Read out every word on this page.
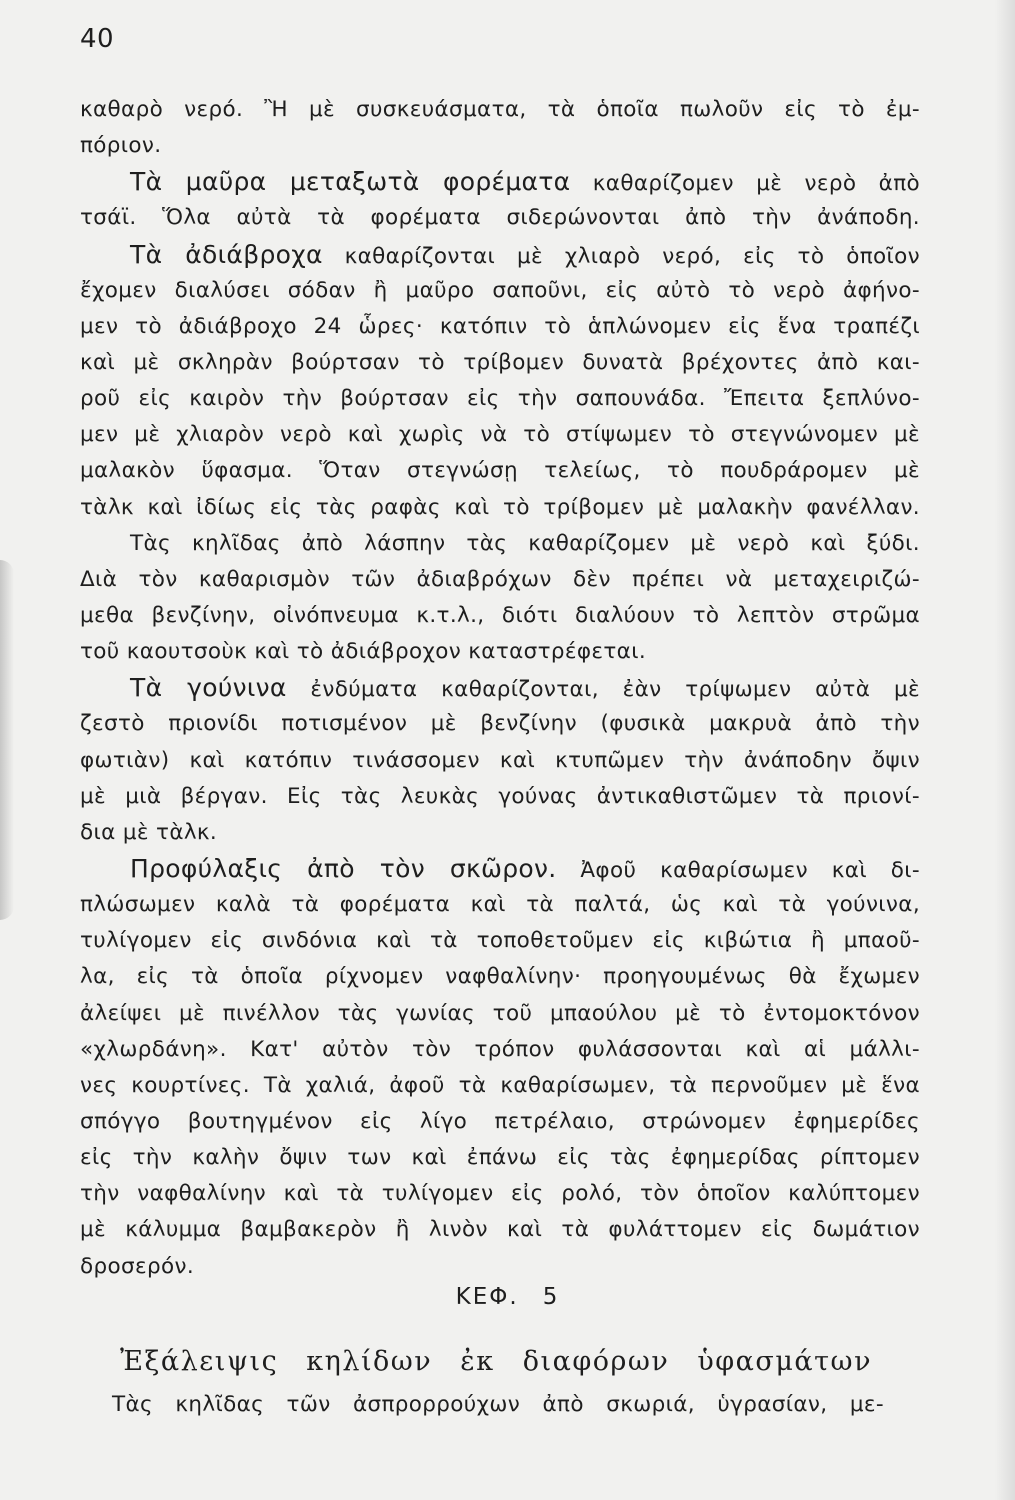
40
καθαρὸ νερό. Ἢ μὲ συσκευάσματα, τὰ ὁποῖα πωλοῦν εἰς τὸ ἐμ-
πόριον.
Τὰ μαῦρα μεταξωτὰ φορέματα καθαρίζομεν μὲ νερὸ ἀπὸ
τσάϊ. Ὅλα αὐτὰ τὰ φορέματα σιδερώνονται ἀπὸ τὴν ἀνάποδη.
Τὰ ἀδιάβροχα καθαρίζονται μὲ χλιαρὸ νερό, εἰς τὸ ὁποῖον
ἔχομεν διαλύσει σόδαν ἢ μαῦρο σαποῦνι, εἰς αὐτὸ τὸ νερὸ ἀφήνο-
μεν τὸ ἀδιάβροχο 24 ὧρες· κατόπιν τὸ ἁπλώνομεν εἰς ἕνα τραπέζι
καὶ μὲ σκληρὰν βούρτσαν τὸ τρίβομεν δυνατὰ βρέχοντες ἀπὸ και-
ροῦ εἰς καιρὸν τὴν βούρτσαν εἰς τὴν σαπουνάδα. Ἔπειτα ξεπλύνο-
μεν μὲ χλιαρὸν νερὸ καὶ χωρὶς νὰ τὸ στίψωμεν τὸ στεγνώνομεν μὲ
μαλακὸν ὕφασμα. Ὅταν στεγνώσῃ τελείως, τὸ πουδράρομεν μὲ
τὰλκ καὶ ἰδίως εἰς τὰς ραφὰς καὶ τὸ τρίβομεν μὲ μαλακὴν φανέλλαν.
Τὰς κηλῖδας ἀπὸ λάσπην τὰς καθαρίζομεν μὲ νερὸ καὶ ξύδι.
Διὰ τὸν καθαρισμὸν τῶν ἀδιαβρόχων δὲν πρέπει νὰ μεταχειριζώ-
μεθα βενζίνην, οἰνόπνευμα κ.τ.λ., διότι διαλύουν τὸ λεπτὸν στρῶμα
τοῦ καουτσοὺκ καὶ τὸ ἀδιάβροχον καταστρέφεται.
Τὰ γούνινα ἐνδύματα καθαρίζονται, ἐὰν τρίψωμεν αὐτὰ μὲ
ζεστὸ πριονίδι ποτισμένον μὲ βενζίνην (φυσικὰ μακρυὰ ἀπὸ τὴν
φωτιὰν) καὶ κατόπιν τινάσσομεν καὶ κτυπῶμεν τὴν ἀνάποδην ὄψιν
μὲ μιὰ βέργαν. Εἰς τὰς λευκὰς γούνας ἀντικαθιστῶμεν τὰ πριονί-
δια μὲ τὰλκ.
Προφύλαξις ἀπὸ τὸν σκῶρον. Ἀφοῦ καθαρίσωμεν καὶ δι-
πλώσωμεν καλὰ τὰ φορέματα καὶ τὰ παλτά, ὡς καὶ τὰ γούνινα,
τυλίγομεν εἰς σινδόνια καὶ τὰ τοποθετοῦμεν εἰς κιβώτια ἢ μπαοῦ-
λα, εἰς τὰ ὁποῖα ρίχνομεν ναφθαλίνην· προηγουμένως θὰ ἔχωμεν
ἀλείψει μὲ πινέλλον τὰς γωνίας τοῦ μπαούλου μὲ τὸ ἐντομοκτόνον
«χλωρδάνη». Κατ' αὐτὸν τὸν τρόπον φυλάσσονται καὶ αἱ μάλλι-
νες κουρτίνες. Τὰ χαλιά, ἀφοῦ τὰ καθαρίσωμεν, τὰ περνοῦμεν μὲ ἕνα
σπόγγο βουτηγμένον εἰς λίγο πετρέλαιο, στρώνομεν ἐφημερίδες
εἰς τὴν καλὴν ὄψιν των καὶ ἐπάνω εἰς τὰς ἐφημερίδας ρίπτομεν
τὴν ναφθαλίνην καὶ τὰ τυλίγομεν εἰς ρολό, τὸν ὁποῖον καλύπτομεν
μὲ κάλυμμα βαμβακερὸν ἢ λινὸν καὶ τὰ φυλάττομεν εἰς δωμάτιον
δροσερόν.
ΚΕΦ. 5
Ἐξάλειψις κηλίδων ἐκ διαφόρων ὑφασμάτων
Τὰς κηλῖδας τῶν ἀσπρορρούχων ἀπὸ σκωριά, ὑγρασίαν, με-
